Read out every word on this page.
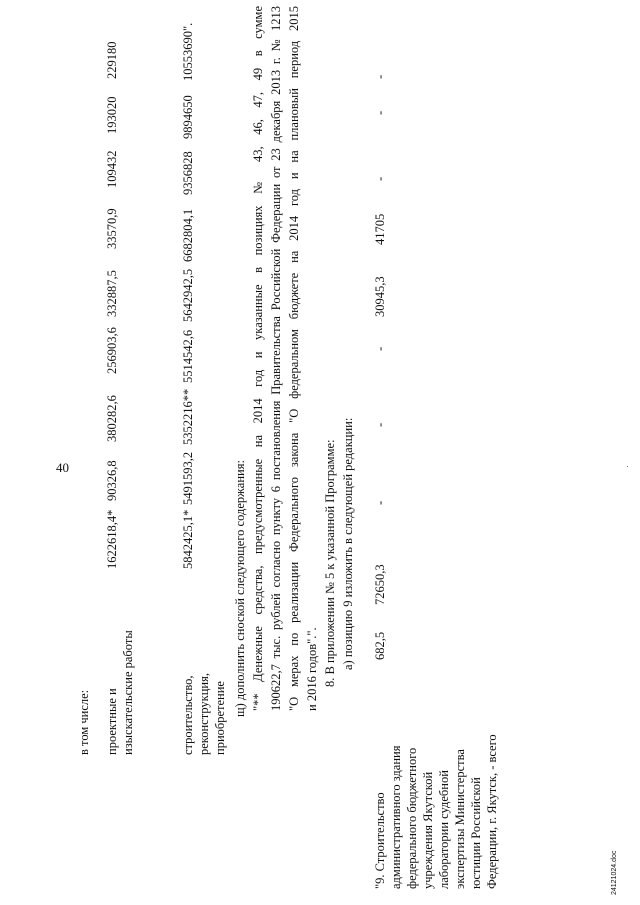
40
в том числе: проектные и изыскательские работы
1622618,4*
90326,8
380282,6
256903,6
332887,5
33570,9
109432
193020
229180
строительство, реконструкция, приобретение
5842425,1*
5491593,2
5352216**
5514542,6
5642942,5
6682804,1
9356828
9894650
10553690".
щ) дополнить сноской следующего содержания: "** Денежные средства, предусмотренные на 2014 год и указанные в позициях № 43, 46, 47, 49 в сумме 190622,7 тыс. рублей согласно пункту 6 постановления Правительства Российской Федерации от 23 декабря 2013 г. № 1213 "О мерах по реализации Федерального закона "О федеральном бюджете на 2014 год и на плановый период 2015 и 2016 годов".". 8. В приложении № 5 к указанной Программе: а) позицию 9 изложить в следующей редакции:
"9. Строительство административного здания федерального бюджетного учреждения Якутской лаборатории судебной экспертизы Министерства юстиции Российской Федерации, г. Якутск, - всего
682,5
72650,3
-
-
-
30945,3
41705
-
-
-
24121024.doc
